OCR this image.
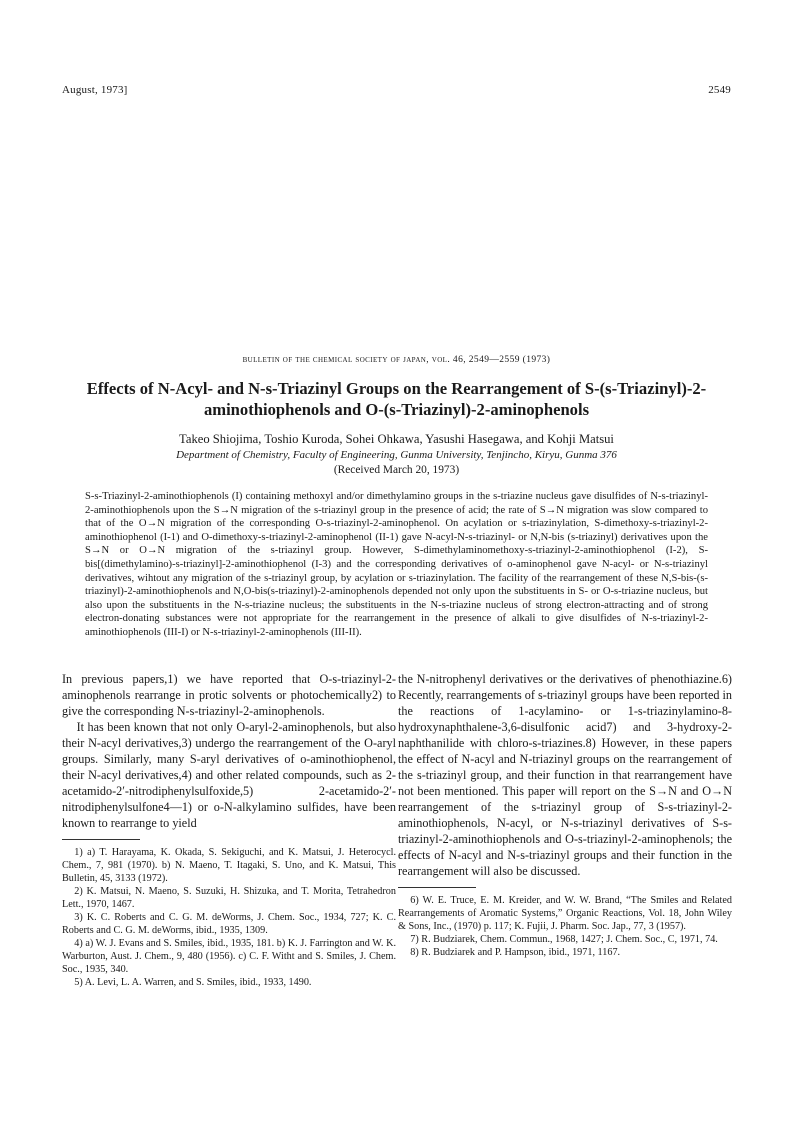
August, 1973]	2549
bulletin of the chemical society of japan, vol. 46, 2549—2559 (1973)
Effects of N-Acyl- and N-s-Triazinyl Groups on the Rearrangement of S-(s-Triazinyl)-2-aminothiophenols and O-(s-Triazinyl)-2-aminophenols
Takeo Shiojima, Toshio Kuroda, Sohei Ohkawa, Yasushi Hasegawa, and Kohji Matsui
Department of Chemistry, Faculty of Engineering, Gunma University, Tenjincho, Kiryu, Gunma 376
(Received March 20, 1973)
S-s-Triazinyl-2-aminothiophenols (I) containing methoxyl and/or dimethylamino groups in the s-triazine nucleus gave disulfides of N-s-triazinyl-2-aminothiophenols upon the S→N migration of the s-triazinyl group in the presence of acid; the rate of S→N migration was slow compared to that of the O→N migration of the corresponding O-s-triazinyl-2-aminophenol. On acylation or s-triazinylation, S-dimethoxy-s-triazinyl-2-aminothiophenol (I-1) and O-dimethoxy-s-triazinyl-2-aminophenol (II-1) gave N-acyl-N-s-triazinyl- or N,N-bis (s-triazinyl) derivatives upon the S→N or O→N migration of the s-triazinyl group. However, S-dimethylaminomethoxy-s-triazinyl-2-aminothiophenol (I-2), S-bis[(dimethylamino)-s-triazinyl]-2-aminothiophenol (I-3) and the corresponding derivatives of o-aminophenol gave N-acyl- or N-s-triazinyl derivatives, wihtout any migration of the s-triazinyl group, by acylation or s-triazinylation. The facility of the rearrangement of these N,S-bis-(s-triazinyl)-2-aminothiophenols and N,O-bis(s-triazinyl)-2-aminophenols depended not only upon the substituents in S- or O-s-triazine nucleus, but also upon the substituents in the N-s-triazine nucleus; the substituents in the N-s-triazine nucleus of strong electron-attracting and of strong electron-donating substances were not appropriate for the rearrangement in the presence of alkali to give disulfides of N-s-triazinyl-2-aminothiophenols (III-I) or N-s-triazinyl-2-aminophenols (III-II).

In previous papers,1) we have reported that O-s-triazinyl-2-aminophenols rearrange in protic solvents or photochemically2) to give the corresponding N-s-triazinyl-2-aminophenols.

It has been known that not only O-aryl-2-aminophenols, but also their N-acyl derivatives,3) undergo the rearrangement of the O-aryl groups. Similarly, many S-aryl derivatives of o-aminothiophenol, their N-acyl derivatives,4) and other related compounds, such as 2-acetamido-2′-nitrodiphenylsulfoxide,5) 2-acetamido-2′-nitrodiphenylsulfone4—1) or o-N-alkylamino sulfides, have been known to rearrange to yield

1) a) T. Harayama, K. Okada, S. Sekiguchi, and K. Matsui, J. Heterocycl. Chem., 7, 981 (1970). b) N. Maeno, T. Itagaki, S. Uno, and K. Matsui, This Bulletin, 45, 3133 (1972).

2) K. Matsui, N. Maeno, S. Suzuki, H. Shizuka, and T. Morita, Tetrahedron Lett., 1970, 1467.

3) K. C. Roberts and C. G. M. deWorms, J. Chem. Soc., 1934, 727; K. C. Roberts and C. G. M. deWorms, ibid., 1935, 1309.

4) a) W. J. Evans and S. Smiles, ibid., 1935, 181. b) K. J. Farrington and W. K. Warburton, Aust. J. Chem., 9, 480 (1956). c) C. F. Witht and S. Smiles, J. Chem. Soc., 1935, 340.

5) A. Levi, L. A. Warren, and S. Smiles, ibid., 1933, 1490.

the N-nitrophenyl derivatives or the derivatives of phenothiazine.6) Recently, rearrangements of s-triazinyl groups have been reported in the reactions of 1-acylamino- or 1-s-triazinylamino-8-hydroxynaphthalene-3,6-disulfonic acid7) and 3-hydroxy-2-naphthanilide with chloro-s-triazines.8) However, in these papers the effect of N-acyl and N-triazinyl groups on the rearrangement of the s-triazinyl group, and their function in that rearrangement have not been mentioned. This paper will report on the S→N and O→N rearrangement of the s-triazinyl group of S-s-triazinyl-2-aminothiophenols, N-acyl, or N-s-triazinyl derivatives of S-s-triazinyl-2-aminothiophenols and O-s-triazinyl-2-aminophenols; the effects of N-acyl and N-s-triazinyl groups and their function in the rearrangement will also be discussed.

6) W. E. Truce, E. M. Kreider, and W. W. Brand, “The Smiles and Related Rearrangements of Aromatic Systems,” Organic Reactions, Vol. 18, John Wiley & Sons, Inc., (1970) p. 117; K. Fujii, J. Pharm. Soc. Jap., 77, 3 (1957).

7) R. Budziarek, Chem. Commun., 1968, 1427; J. Chem. Soc., C, 1971, 74.

8) R. Budziarek and P. Hampson, ibid., 1971, 1167.
